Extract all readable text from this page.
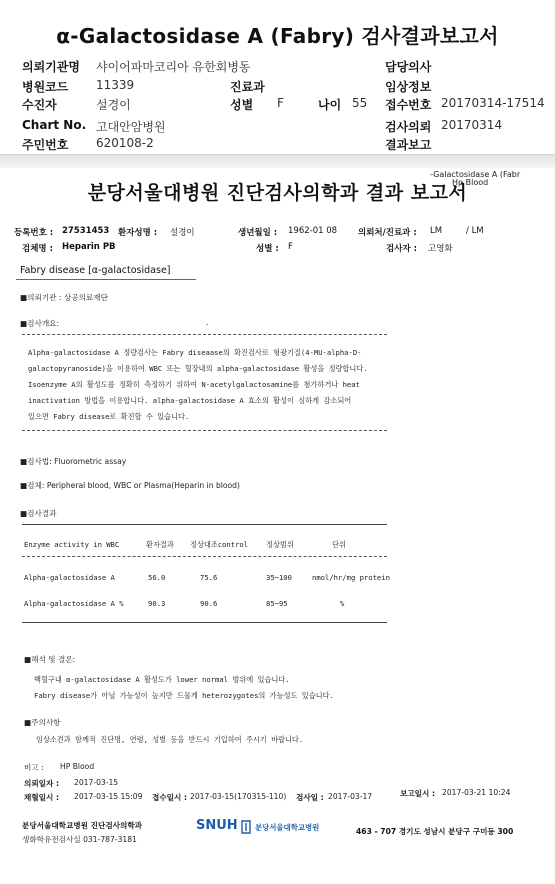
α-Galactosidase A (Fabry) 검사결과보고서
의뢰기관명 샤이어파마코리아 유한회병동	담당의사
병원코드 11339	진료과	임상정보
수진자	설경이	성별 F	나이 55 접수번호 20170314-17514
Chart No. 고대안암병원	검사의뢰 20170314
주민번호 620108-2	결과보고
-Galactosidase A (Fabr
Hp Blood
분당서울대병원 진단검사의학과 결과 보고서
등록번호 : 27531453 환자성명 : 설경이	생년월일 : 1962-01 08 의뢰처/진료과 : LM	/ LM
검체명 : Heparin PB	성별 : F	검사자 : 고영화
Fabry disease [α-galactosidase]
■의뢰기관 : 상공의료재단
■검사개요:	.
Alpha-galactosidase A 정량검사는 Fabry diseaase의 확진검사로 형광기질(4-MU-alpha-D-
galactopyranoside)을 이용하여 WBC 또는 혈장내의 alpha-galactosidase 활성을 정량합니다.
Isoenzyme A의 활성도를 정확히 측정하기 위하여 N-acetylgalactosamine를 첨가하거나 heat
inactivation 방법을 이용합니다. alpha-galactosidase A 효소의 활성이 심하게 감소되어
있으면 Fabry disease로 확진할 수 있습니다.
■검사법: Fluorometric assay
■검체: Peripheral blood, WBC or Plasma(Heparin in blood)
■검사결과
Enzyme activity in WBC	환자결과 정상대조control 정상범위	단위
Alpha-galactosidase A	56.0	75.6	35~100	nmol/hr/mg protein
Alpha-galactosidase A %	90.3	90.6	85~95	%
■해석 및 결론:
백혈구내 α-galactosidase A 활성도가 lower normal 범위에 있습니다.
Fabry disease가 아닐 가능성이 높지만 드물게 heterozygotes의 가능성도 있습니다.
■주의사항
임상소견과 함께적 진단명, 연령, 성별 등을 반드시 기입하여 주시기 바랍니다.
비고 : HP Blood
의뢰일자 : 2017-03-15
채혈일시 : 2017-03-15 15:09 접수일시 : 2017-03-15(170315-110) 검사일 : 2017-03-17	보고일시 : 2017-03-21 10:24
분당서울대학교병원 진단검사의학과
생화학유전검사실 031-787-3181
SNUH 분당서울대학교병원	463 - 707 경기도 성남시 분당구 구미동 300
